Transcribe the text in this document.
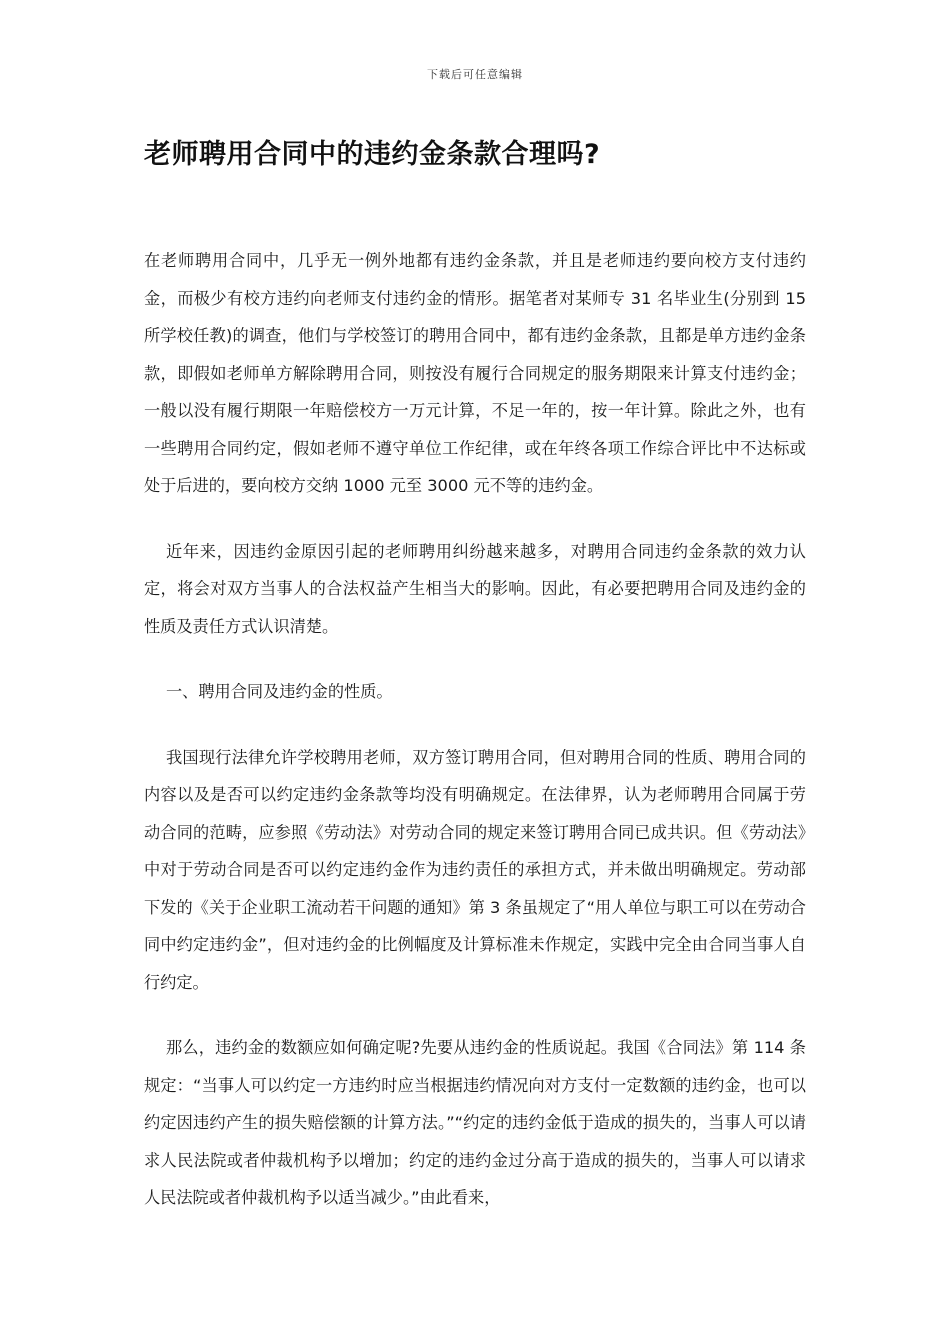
下载后可任意编辑
老师聘用合同中的违约金条款合理吗?

在老师聘用合同中，几乎无一例外地都有违约金条款，并且是老师违约要向校方支付违约金，而极少有校方违约向老师支付违约金的情形。据笔者对某师专 31 名毕业生(分别到 15 所学校任教)的调查，他们与学校签订的聘用合同中，都有违约金条款，且都是单方违约金条款，即假如老师单方解除聘用合同，则按没有履行合同规定的服务期限来计算支付违约金；一般以没有履行期限一年赔偿校方一万元计算，不足一年的，按一年计算。除此之外，也有一些聘用合同约定，假如老师不遵守单位工作纪律，或在年终各项工作综合评比中不达标或处于后进的，要向校方交纳 1000 元至 3000 元不等的违约金。

近年来，因违约金原因引起的老师聘用纠纷越来越多，对聘用合同违约金条款的效力认定，将会对双方当事人的合法权益产生相当大的影响。因此，有必要把聘用合同及违约金的性质及责任方式认识清楚。

一、聘用合同及违约金的性质。

我国现行法律允许学校聘用老师，双方签订聘用合同，但对聘用合同的性质、聘用合同的内容以及是否可以约定违约金条款等均没有明确规定。在法律界，认为老师聘用合同属于劳动合同的范畴，应参照《劳动法》对劳动合同的规定来签订聘用合同已成共识。但《劳动法》中对于劳动合同是否可以约定违约金作为违约责任的承担方式，并未做出明确规定。劳动部下发的《关于企业职工流动若干问题的通知》第 3 条虽规定了“用人单位与职工可以在劳动合同中约定违约金”，但对违约金的比例幅度及计算标准未作规定，实践中完全由合同当事人自行约定。

那么，违约金的数额应如何确定呢?先要从违约金的性质说起。我国《合同法》第 114 条规定：“当事人可以约定一方违约时应当根据违约情况向对方支付一定数额的违约金，也可以约定因违约产生的损失赔偿额的计算方法。”“约定的违约金低于造成的损失的，当事人可以请求人民法院或者仲裁机构予以增加；约定的违约金过分高于造成的损失的，当事人可以请求人民法院或者仲裁机构予以适当减少。”由此看来，
